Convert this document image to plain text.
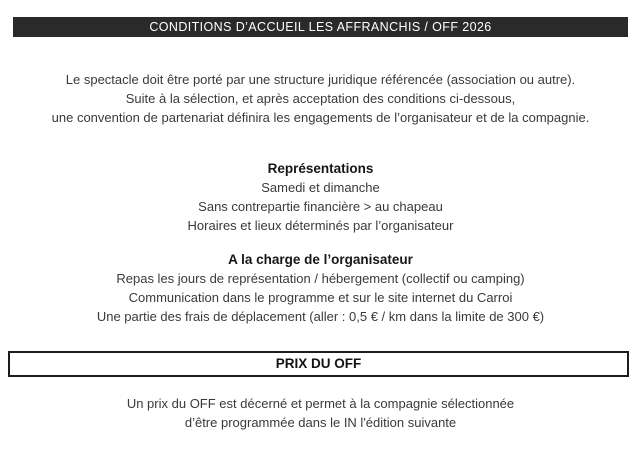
CONDITIONS D’ACCUEIL LES AFFRANCHIS / OFF 2026
Le spectacle doit être porté par une structure juridique référencée (association ou autre).
Suite à la sélection, et après acceptation des conditions ci-dessous,
une convention de partenariat définira les engagements de l’organisateur et de la compagnie.
Représentations
Samedi et dimanche
Sans contrepartie financière > au chapeau
Horaires et lieux déterminés par l’organisateur
A la charge de l’organisateur
Repas les jours de représentation / hébergement (collectif ou camping)
Communication dans le programme et sur le site internet du Carroi
Une partie des frais de déplacement (aller : 0,5 € / km dans la limite de 300 €)
PRIX DU OFF
Un prix du OFF est décerné et permet à la compagnie sélectionnée
d’être programmée dans le IN l'édition suivante
